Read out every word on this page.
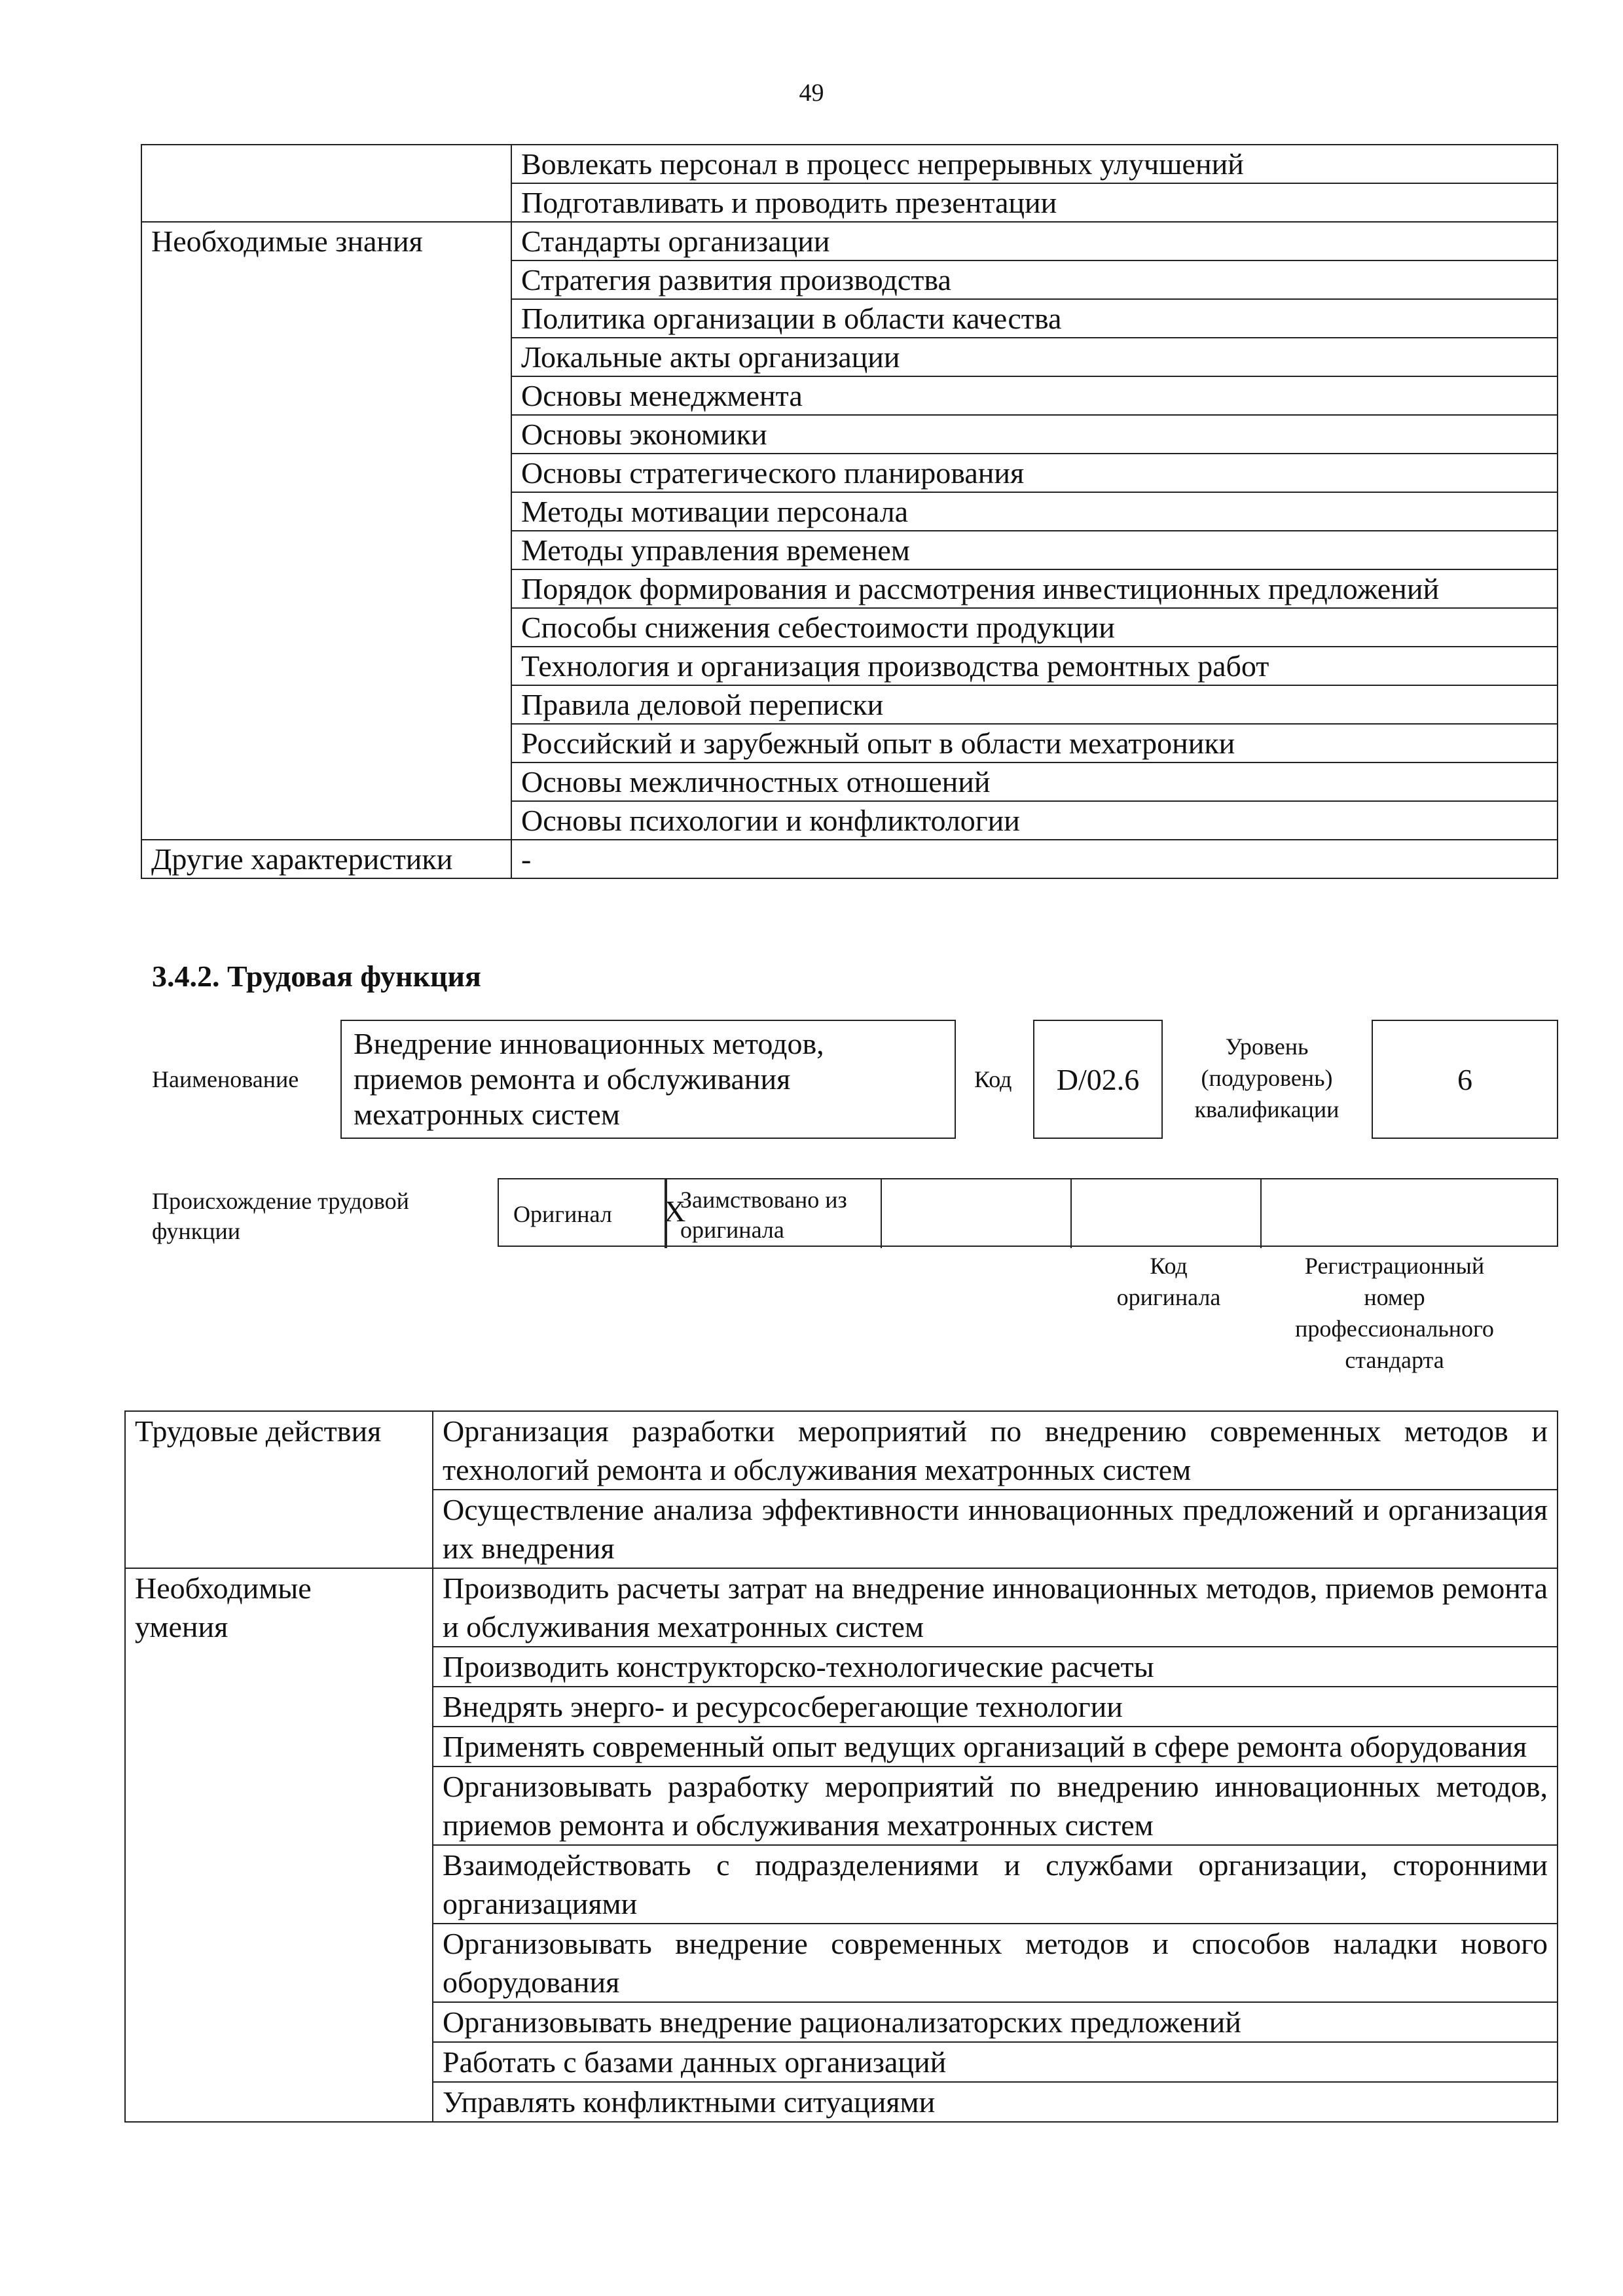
49
	Вовлекать персонал в процесс непрерывных улучшений
	Подготавливать и проводить презентации
Необходимые знания	Стандарты организации
	Стратегия развития производства
	Политика организации в области качества
	Локальные акты организации
	Основы менеджмента
	Основы экономики
	Основы стратегического планирования
	Методы мотивации персонала
	Методы управления временем
	Порядок формирования и рассмотрения инвестиционных предложений
	Способы снижения себестоимости продукции
	Технология и организация производства ремонтных работ
	Правила деловой переписки
	Российский и зарубежный опыт в области мехатроники
	Основы межличностных отношений
	Основы психологии и конфликтологии
Другие характеристики	-
3.4.2. Трудовая функция
Наименование
Внедрение инновационных методов,
приемов ремонта и обслуживания
мехатронных систем
Код D/02.6
Уровень
(подуровень)
квалификации
6
Происхождение трудовой
функции
Оригинал X
Заимствовано из
оригинала
Код
оригинала
Регистрационный
номер
профессионального
стандарта
Трудовые действия	Организация разработки мероприятий по внедрению современных методов и технологий ремонта и обслуживания мехатронных систем
	Осуществление анализа эффективности инновационных предложений и организация их внедрения

Необходимые
умения	Производить расчеты затрат на внедрение инновационных методов, приемов ремонта и обслуживания мехатронных систем
	Производить конструкторско-технологические расчеты
	Внедрять энерго- и ресурсосберегающие технологии
	Применять современный опыт ведущих организаций в сфере ремонта оборудования
	Организовывать разработку мероприятий по внедрению инновационных методов, приемов ремонта и обслуживания мехатронных систем
	Взаимодействовать с подразделениями и службами организации, сторонними организациями
	Организовывать внедрение современных методов и способов наладки нового оборудования
	Организовывать внедрение рационализаторских предложений
	Работать с базами данных организаций
	Управлять конфликтными ситуациями
